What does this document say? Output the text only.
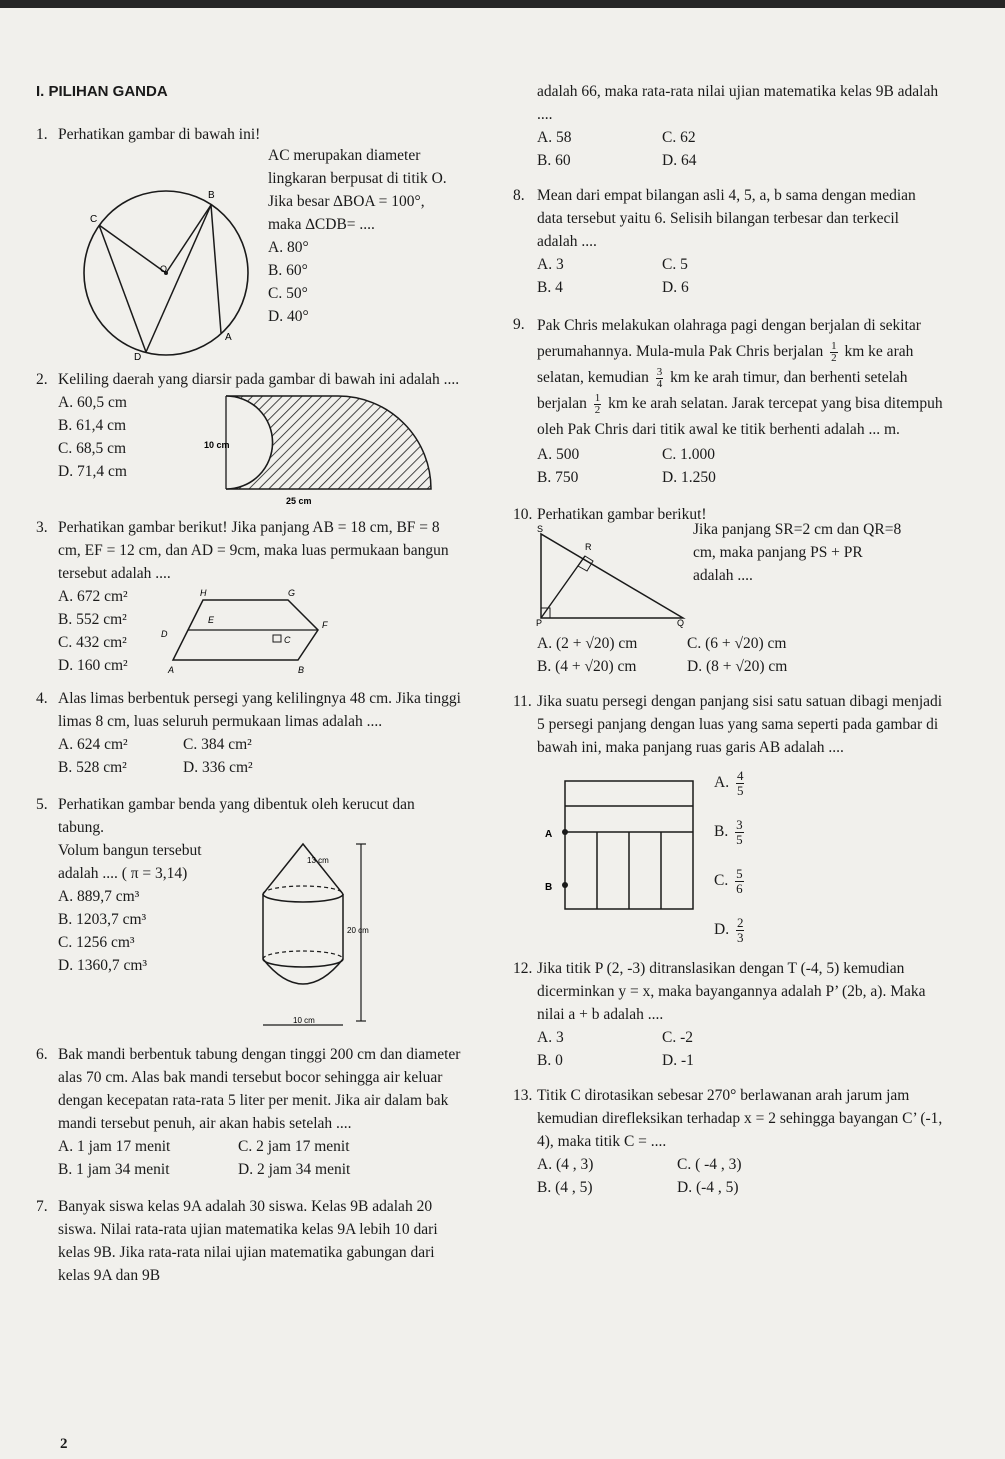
I. PILIHAN GANDA

1. Perhatikan gambar di bawah ini!

B
C
O
A
D

AC merupakan diameter lingkaran berpusat di titik O. Jika besar ∆BOA = 100°, maka ∆CDB= ....

A. 80°

B. 60°

C. 50°

D. 40°

2. Keliling daerah yang diarsir pada gambar di bawah ini adalah ....

A. 60,5 cm

B. 61,4 cm

C. 68,5 cm

D. 71,4 cm

10 cm
25 cm
3. Perhatikan gambar berikut! Jika panjang AB = 18 cm, BF = 8 cm, EF = 12 cm, dan AD = 9cm, maka luas permukaan bangun tersebut adalah ....

A. 672 cm²

B. 552 cm²

C. 432 cm²

D. 160 cm²

H	G
E	F
D
C
A	B
4. Alas limas berbentuk persegi yang kelilingnya 48 cm. Jika tinggi limas 8 cm, luas seluruh permukaan limas adalah ....

A. 624 cm²	C. 384 cm²

B. 528 cm²	D. 336 cm²

5. Perhatikan gambar benda yang dibentuk oleh kerucut dan tabung.

Volum bangun tersebut adalah .... ( π = 3,14)

A. 889,7 cm³

B. 1203,7 cm³

C. 1256 cm³

D. 1360,7 cm³

13 cm
20 cm
10 cm
6. Bak mandi berbentuk tabung dengan tinggi 200 cm dan diameter alas 70 cm. Alas bak mandi tersebut bocor sehingga air keluar dengan kecepatan rata-rata 5 liter per menit. Jika air dalam bak mandi tersebut penuh, air akan habis setelah ....

A. 1 jam 17 menit	C. 2 jam 17 menit

B. 1 jam 34 menit	D. 2 jam 34 menit

7. Banyak siswa kelas 9A adalah 30 siswa. Kelas 9B adalah 20 siswa. Nilai rata-rata ujian matematika kelas 9A lebih 10 dari kelas 9B. Jika rata-rata nilai ujian matematika gabungan dari kelas 9A dan 9B

adalah 66, maka rata-rata nilai ujian matematika kelas 9B adalah ....

A. 58	C. 62

B. 60	D. 64

8. Mean dari empat bilangan asli 4, 5, a, b sama dengan median data tersebut yaitu 6. Selisih bilangan terbesar dan terkecil adalah ....

A. 3	C. 5

B. 4	D. 6

9. Pak Chris melakukan olahraga pagi dengan berjalan di sekitar perumahannya. Mula-mula Pak Chris berjalan $\frac{1}{2}$ km ke arah selatan, kemudian $\frac{3}{4}$ km ke arah timur, dan berhenti setelah berjalan $\frac{1}{2}$ km ke arah selatan. Jarak tercepat yang bisa ditempuh oleh Pak Chris dari titik awal ke titik berhenti adalah ... m.

A. 500	C. 1.000

B. 750	D. 1.250

10. Perhatikan gambar berikut!

S
R
P	Q

Jika panjang SR=2 cm dan QR=8 cm, maka panjang PS + PR adalah ....

A. (2 + √20) cm	C. (6 + √20) cm

B. (4 + √20) cm	D. (8 + √20) cm

11. Jika suatu persegi dengan panjang sisi satu satuan dibagi menjadi 5 persegi panjang dengan luas yang sama seperti pada gambar di bawah ini, maka panjang ruas garis AB adalah ....

A
B
A. $\frac{4}{5}$
B. $\frac{3}{5}$
C. $\frac{5}{6}$
D. $\frac{2}{3}$
12. Jika titik P (2, -3) ditranslasikan dengan T (-4, 5) kemudian dicerminkan y = x, maka bayangannya adalah P’ (2b, a). Maka nilai a + b adalah ....

A. 3	C. -2

B. 0	D. -1

13. Titik C dirotasikan sebesar 270° berlawanan arah jarum jam kemudian direfleksikan terhadap x = 2 sehingga bayangan C’ (-1, 4), maka titik C = ....

A. (4 , 3)	C. ( -4 , 3)

B. (4 , 5)	D. (-4 , 5)

2
